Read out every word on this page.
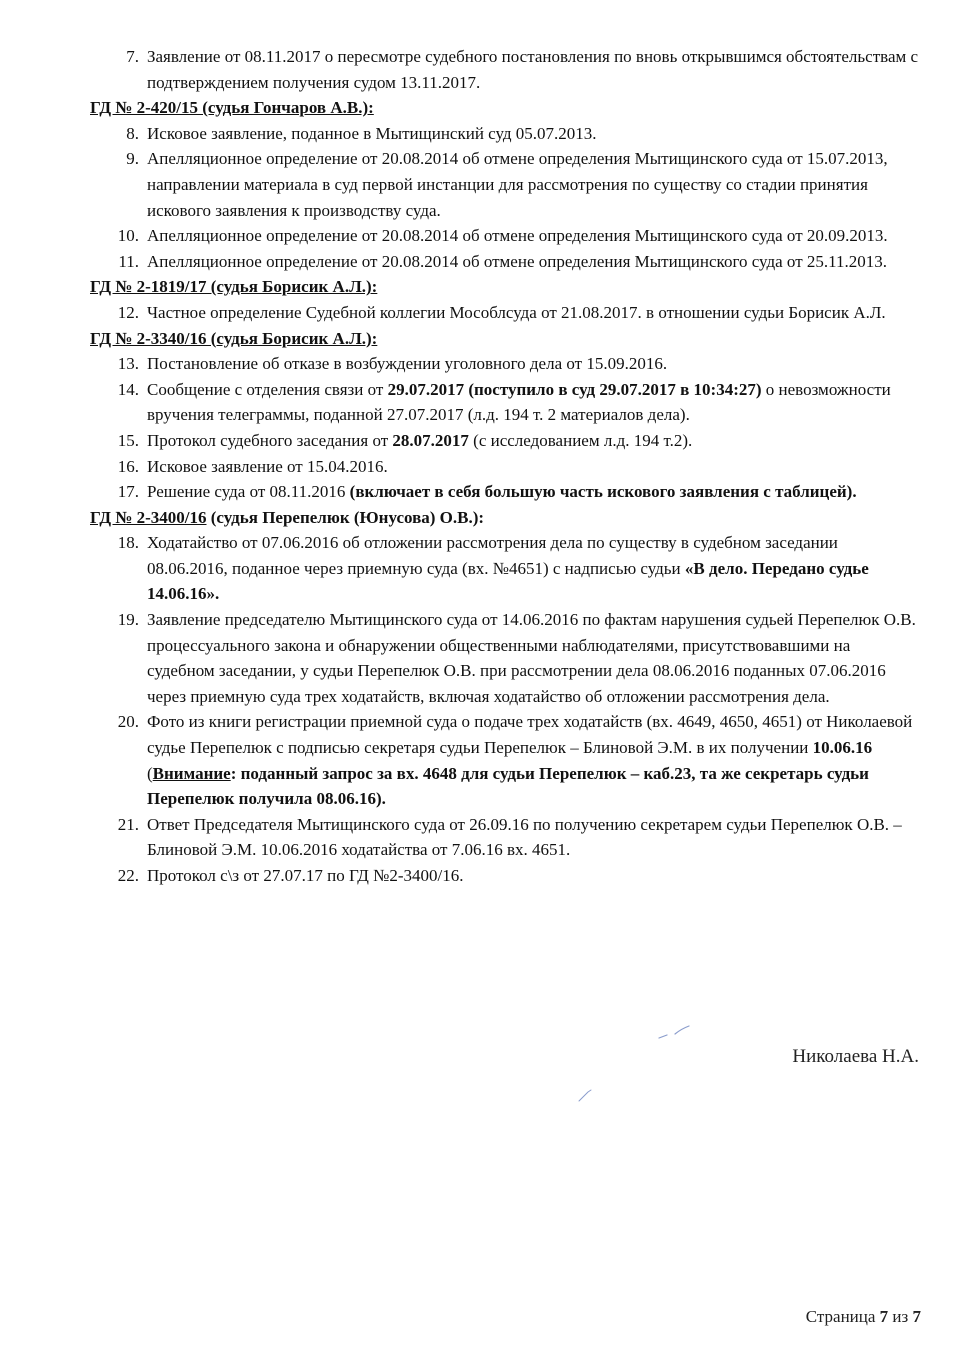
7. Заявление от 08.11.2017 о пересмотре судебного постановления по вновь открывшимся обстоятельствам с подтверждением получения судом 13.11.2017.
ГД № 2-420/15 (судья Гончаров А.В.):
8. Исковое заявление, поданное в Мытищинский суд 05.07.2013.
9. Апелляционное определение от 20.08.2014 об отмене определения Мытищинского суда от 15.07.2013, направлении материала в суд первой инстанции для рассмотрения по существу со стадии принятия искового заявления к производству суда.
10. Апелляционное определение от 20.08.2014 об отмене определения Мытищинского суда от 20.09.2013.
11. Апелляционное определение от 20.08.2014 об отмене определения Мытищинского суда от 25.11.2013.
ГД № 2-1819/17 (судья Борисик А.Л.):
12. Частное определение Судебной коллегии Мособлсуда от 21.08.2017. в отношении судьи Борисик А.Л.
ГД № 2-3340/16 (судья Борисик А.Л.):
13. Постановление об отказе в возбуждении уголовного дела от 15.09.2016.
14. Сообщение с отделения связи от 29.07.2017 (поступило в суд 29.07.2017 в 10:34:27) о невозможности вручения телеграммы, поданной 27.07.2017 (л.д. 194 т. 2 материалов дела).
15. Протокол судебного заседания от 28.07.2017 (с исследованием л.д. 194 т.2).
16. Исковое заявление от 15.04.2016.
17. Решение суда от 08.11.2016 (включает в себя большую часть искового заявления с таблицей).
ГД № 2-3400/16 (судья Перепелюк (Юнусова) О.В.):
18. Ходатайство от 07.06.2016 об отложении рассмотрения дела по существу в судебном заседании 08.06.2016, поданное через приемную суда (вх. №4651) с надписью судьи «В дело. Передано судье 14.06.16».
19. Заявление председателю Мытищинского суда от 14.06.2016 по фактам нарушения судьей Перепелюк О.В. процессуального закона и обнаружении общественными наблюдателями, присутствовавшими на судебном заседании, у судьи Перепелюк О.В. при рассмотрении дела 08.06.2016 поданных 07.06.2016 через приемную суда трех ходатайств, включая ходатайство об отложении рассмотрения дела.
20. Фото из книги регистрации приемной суда о подаче трех ходатайств (вх. 4649, 4650, 4651) от Николаевой судье Перепелюк с подписью секретаря судьи Перепелюк – Блиновой Э.М. в их получении 10.06.16 (Внимание: поданный запрос за вх. 4648 для судьи Перепелюк – каб.23, та же секретарь судьи Перепелюк получила 08.06.16).
21. Ответ Председателя Мытищинского суда от 26.09.16 по получению секретарем судьи Перепелюк О.В. – Блиновой Э.М. 10.06.2016 ходатайства от 7.06.16 вх. 4651.
22. Протокол с\з от 27.07.17 по ГД №2-3400/16.
Николаева Н.А.
Страница 7 из 7
